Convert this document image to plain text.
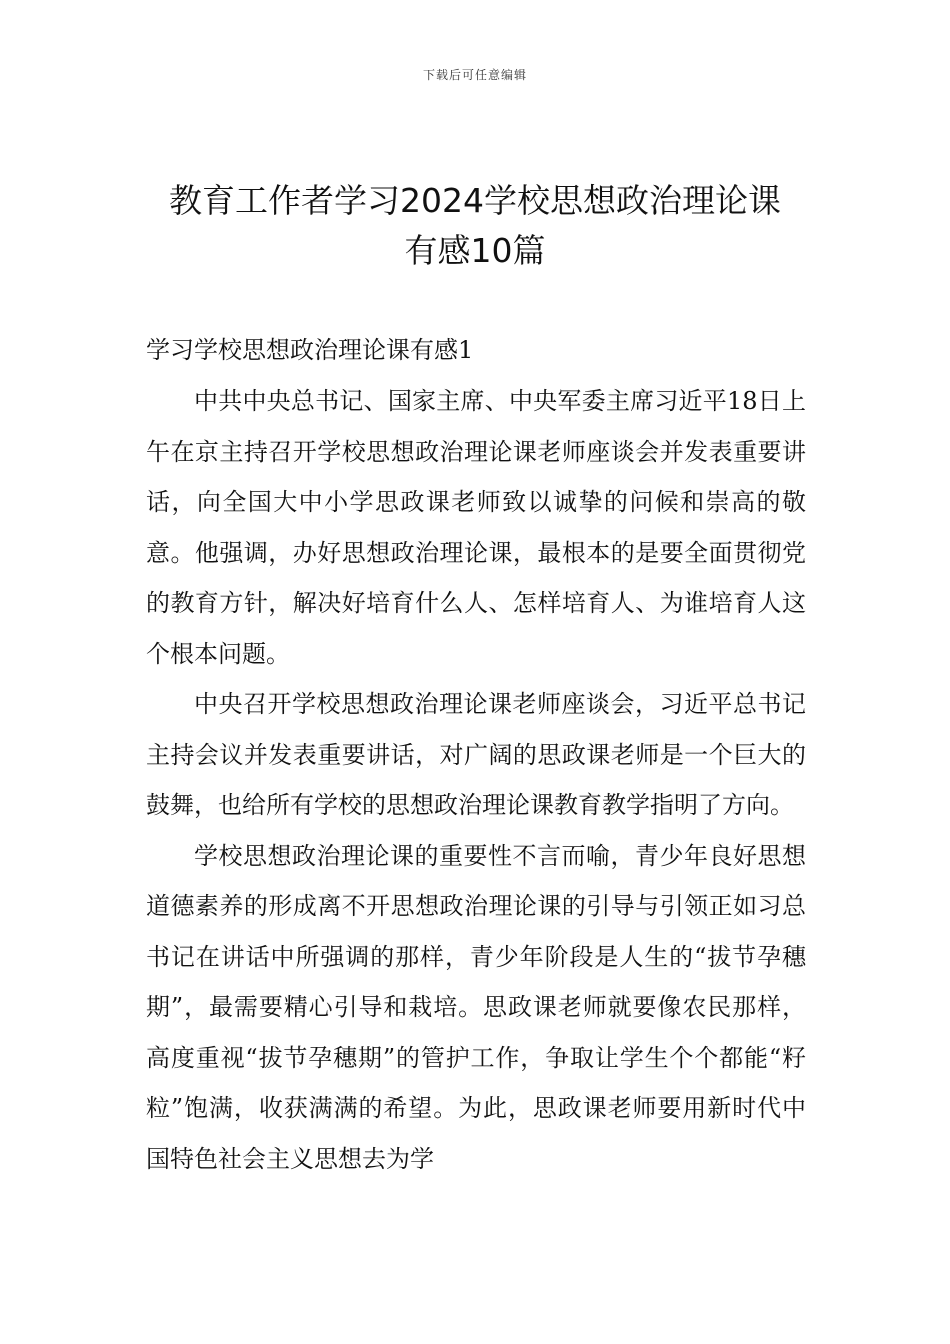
下载后可任意编辑
教育工作者学习2024学校思想政治理论课
有感10篇
学习学校思想政治理论课有感1

中共中央总书记、国家主席、中央军委主席习近平18日上午在京主持召开学校思想政治理论课老师座谈会并发表重要讲话，向全国大中小学思政课老师致以诚挚的问候和崇高的敬意。他强调，办好思想政治理论课，最根本的是要全面贯彻党的教育方针，解决好培育什么人、怎样培育人、为谁培育人这个根本问题。

中央召开学校思想政治理论课老师座谈会，习近平总书记主持会议并发表重要讲话，对广阔的思政课老师是一个巨大的鼓舞，也给所有学校的思想政治理论课教育教学指明了方向。

学校思想政治理论课的重要性不言而喻，青少年良好思想道德素养的形成离不开思想政治理论课的引导与引领正如习总书记在讲话中所强调的那样，青少年阶段是人生的“拔节孕穗期”，最需要精心引导和栽培。思政课老师就要像农民那样，高度重视“拔节孕穗期”的管护工作，争取让学生个个都能“籽粒”饱满，收获满满的希望。为此，思政课老师要用新时代中国特色社会主义思想去为学
